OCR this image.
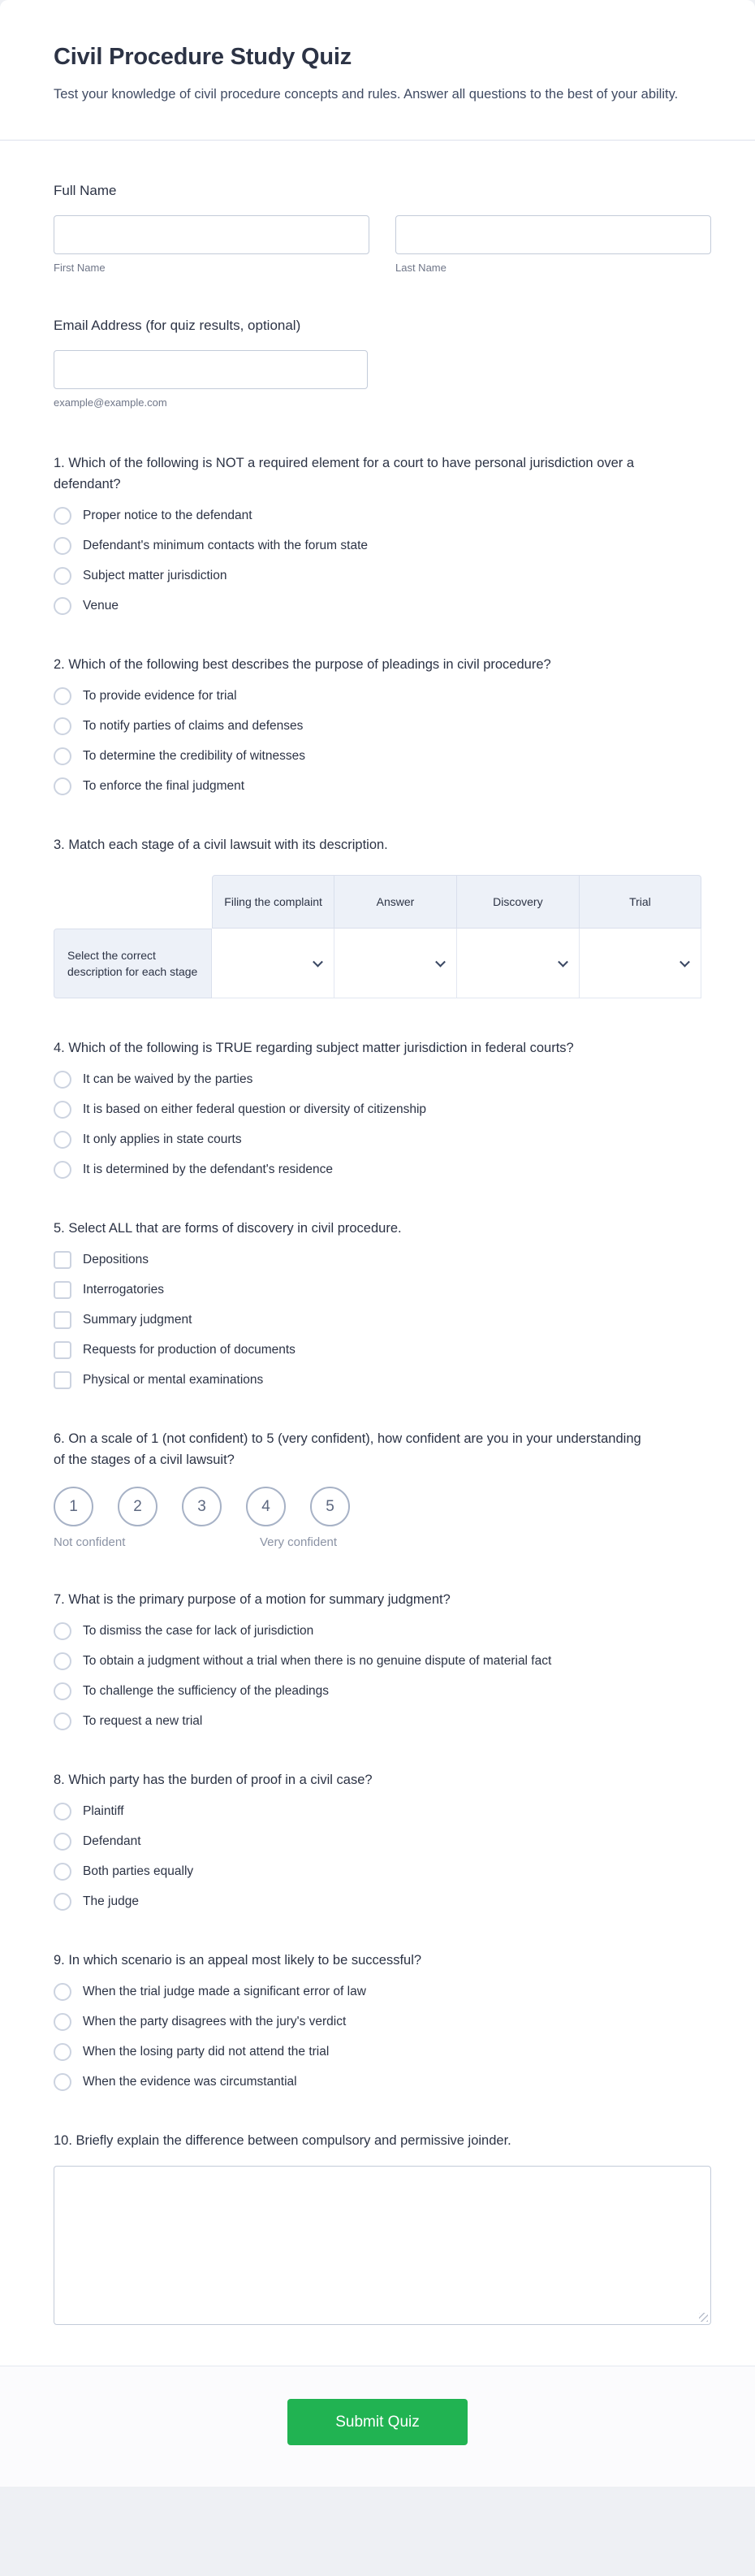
Civil Procedure Study Quiz
Test your knowledge of civil procedure concepts and rules. Answer all questions to the best of your ability.
Full Name
First Name	Last Name
Email Address (for quiz results, optional)
example@example.com
1. Which of the following is NOT a required element for a court to have personal jurisdiction over a defendant?
Proper notice to the defendant
Defendant's minimum contacts with the forum state
Subject matter jurisdiction
Venue
2. Which of the following best describes the purpose of pleadings in civil procedure?
To provide evidence for trial
To notify parties of claims and defenses
To determine the credibility of witnesses
To enforce the final judgment
3. Match each stage of a civil lawsuit with its description.
	Filing the complaint	Answer	Discovery	Trial
Select the correct description for each stage	

4. Which of the following is TRUE regarding subject matter jurisdiction in federal courts?
It can be waived by the parties
It is based on either federal question or diversity of citizenship
It only applies in state courts
It is determined by the defendant's residence
5. Select ALL that are forms of discovery in civil procedure.
Depositions
Interrogatories
Summary judgment
Requests for production of documents
Physical or mental examinations
6. On a scale of 1 (not confident) to 5 (very confident), how confident are you in your understanding of the stages of a civil lawsuit?
1	2	3	4	5
Not confident	Very confident
7. What is the primary purpose of a motion for summary judgment?
To dismiss the case for lack of jurisdiction
To obtain a judgment without a trial when there is no genuine dispute of material fact
To challenge the sufficiency of the pleadings
To request a new trial
8. Which party has the burden of proof in a civil case?
Plaintiff
Defendant
Both parties equally
The judge
9. In which scenario is an appeal most likely to be successful?
When the trial judge made a significant error of law
When the party disagrees with the jury's verdict
When the losing party did not attend the trial
When the evidence was circumstantial
10. Briefly explain the difference between compulsory and permissive joinder.
Submit Quiz
